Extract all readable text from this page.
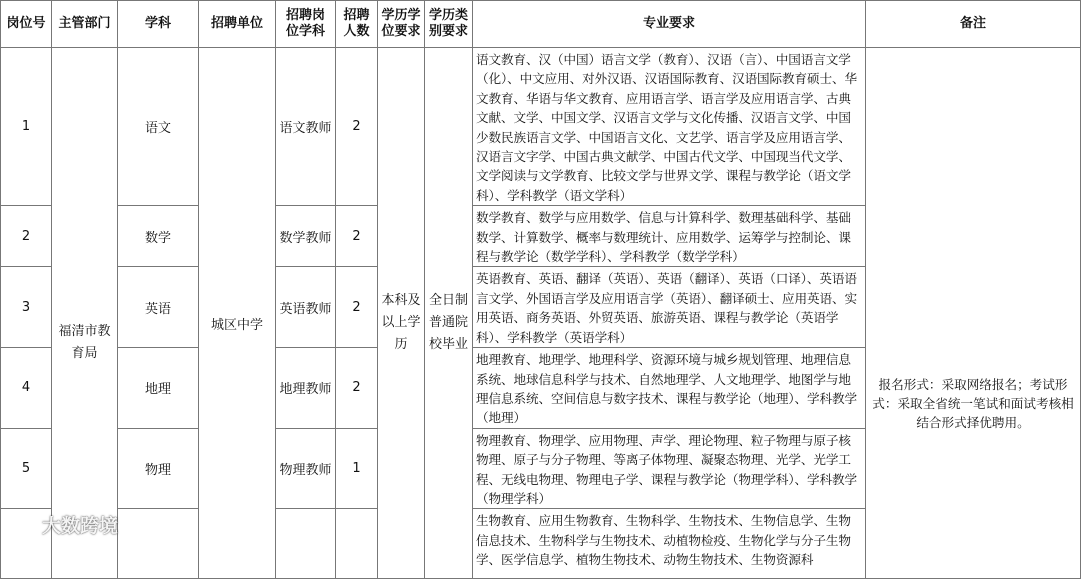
岗位号	主管部门	学科	招聘单位	招聘岗位学科	招聘人数	学历学位要求	学历类别要求	专业要求	备注
1	福清市教育局	语文	城区中学	语文教师	2	本科及以上学历	全日制普通院校毕业	语文教育、汉（中国）语言文学（教育）、汉语（言）、中国语言文学（化）、中文应用、对外汉语、汉语国际教育、汉语国际教育硕士、华文教育、华语与华文教育、应用语言学、语言学及应用语言学、古典文献、文学、中国文学、汉语言文学与文化传播、汉语言文学、中国少数民族语言文学、中国语言文化、文艺学、语言学及应用语言学、汉语言文字学、中国古典文献学、中国古代文学、中国现当代文学、文学阅读与文学教育、比较文学与世界文学、课程与教学论（语文学科）、学科教学（语文学科）	报名形式：采取网络报名；考试形式：采取全省统一笔试和面试考核相结合形式择优聘用。
2		数学		数学教师	2			数学教育、数学与应用数学、信息与计算科学、数理基础科学、基础数学、计算数学、概率与数理统计、应用数学、运筹学与控制论、课程与教学论（数学学科）、学科教学（数学学科）	
3		英语		英语教师	2			英语教育、英语、翻译（英语）、英语（翻译）、英语（口译）、英语语言文学、外国语言学及应用语言学（英语）、翻译硕士、应用英语、实用英语、商务英语、外贸英语、旅游英语、课程与教学论（英语学科）、学科教学（英语学科）	
4		地理		地理教师	2			地理教育、地理学、地理科学、资源环境与城乡规划管理、地理信息系统、地球信息科学与技术、自然地理学、人文地理学、地图学与地理信息系统、空间信息与数字技术、课程与教学论（地理）、学科教学（地理）	
5		物理		物理教师	1			物理教育、物理学、应用物理、声学、理论物理、粒子物理与原子核物理、原子与分子物理、等离子体物理、凝聚态物理、光学、光学工程、无线电物理、物理电子学、课程与教学论（物理学科）、学科教学（物理学科）	
								生物教育、应用生物教育、生物科学、生物技术、生物信息学、生物信息技术、生物科学与生物技术、动植物检疫、生物化学与分子生物学、医学信息学、植物生物技术、动物生物技术、生物资源科	
大数跨境
